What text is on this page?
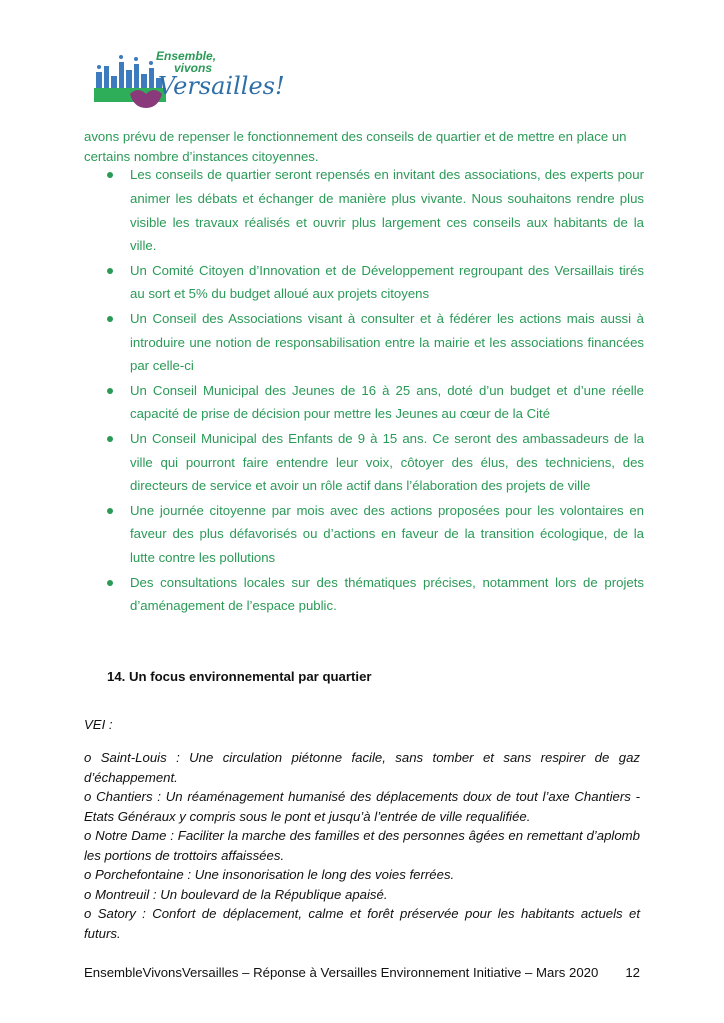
Ensemble,
vivons
Versailles!
avons prévu de repenser le fonctionnement des conseils de quartier et de mettre en place un certains nombre d’instances citoyennes.
Les conseils de quartier seront repensés en invitant des associations, des experts pour animer les débats et échanger de manière plus vivante. Nous souhaitons rendre plus visible les travaux réalisés et ouvrir plus largement ces conseils aux habitants de la ville.
Un Comité Citoyen d’Innovation et de Développement regroupant des Versaillais tirés au sort et 5% du budget alloué aux projets citoyens
Un Conseil des Associations visant à consulter et à fédérer les actions mais aussi à introduire une notion de responsabilisation entre la mairie et les associations financées par celle-ci
Un Conseil Municipal des Jeunes de 16 à 25 ans, doté d’un budget et d’une réelle capacité de prise de décision pour mettre les Jeunes au cœur de la Cité
Un Conseil Municipal des Enfants de 9 à 15 ans. Ce seront des ambassadeurs de la ville qui pourront faire entendre leur voix, côtoyer des élus, des techniciens, des directeurs de service et avoir un rôle actif dans l’élaboration des projets de ville
Une journée citoyenne par mois avec des actions proposées pour les volontaires en faveur des plus défavorisés ou d’actions en faveur de la transition écologique, de la lutte contre les pollutions
Des consultations locales sur des thématiques précises, notamment lors de projets d’aménagement de l’espace public.
14. Un focus environnemental par quartier
VEI :

o Saint-Louis : Une circulation piétonne facile, sans tomber et sans respirer de gaz d’échappement.

o Chantiers : Un réaménagement humanisé des déplacements doux de tout l’axe Chantiers - Etats Généraux y compris sous le pont et jusqu’à l’entrée de ville requalifiée.

o Notre Dame : Faciliter la marche des familles et des personnes âgées en remettant d’aplomb les portions de trottoirs affaissées.

o Porchefontaine : Une insonorisation le long des voies ferrées.

o Montreuil : Un boulevard de la République apaisé.

o Satory : Confort de déplacement, calme et forêt préservée pour les habitants actuels et futurs.

EnsembleVivonsVersailles – Réponse à Versailles Environnement Initiative – Mars 2020 12
